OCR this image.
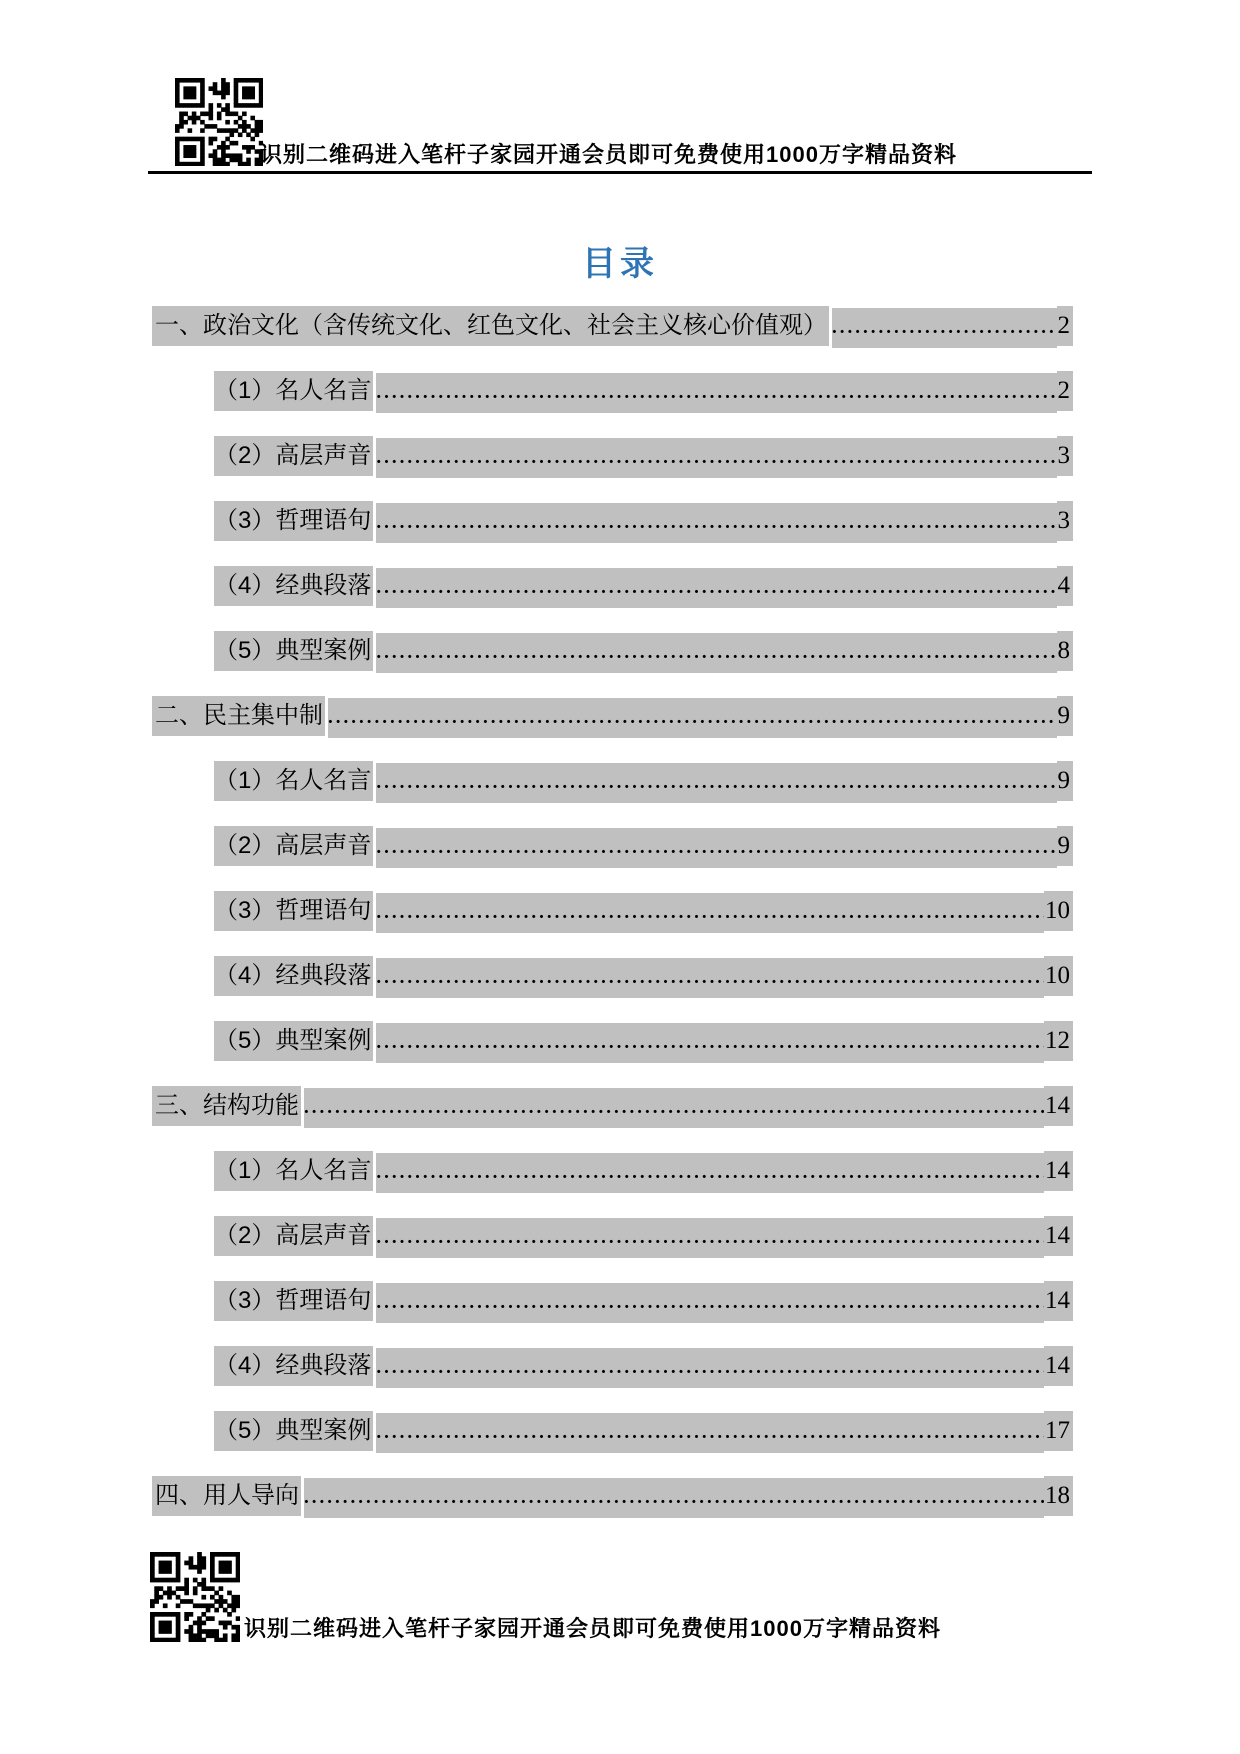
识别二维码进入笔杆子家园开通会员即可免费使用1000万字精品资料
目录
一、 政治文化（含传统文化、红色文化、社会主义核心价值观） .....	2
（1）名人名言 .....	2
（2）高层声音 .....	3
（3）哲理语句 .....	3
（4）经典段落 .....	4
（5）典型案例 .....	8
二、 民主集中制 .....	9
（1）名人名言 .....	9
（2）高层声音 .....	9
（3）哲理语句 .....	10
（4）经典段落 .....	10
（5）典型案例 .....	12
三、 结构功能 .....	14
（1）名人名言 .....	14
（2）高层声音 .....	14
（3）哲理语句 .....	14
（4）经典段落 .....	14
（5）典型案例 .....	17
四、 用人导向 .....	18
识别二维码进入笔杆子家园开通会员即可免费使用1000万字精品资料
